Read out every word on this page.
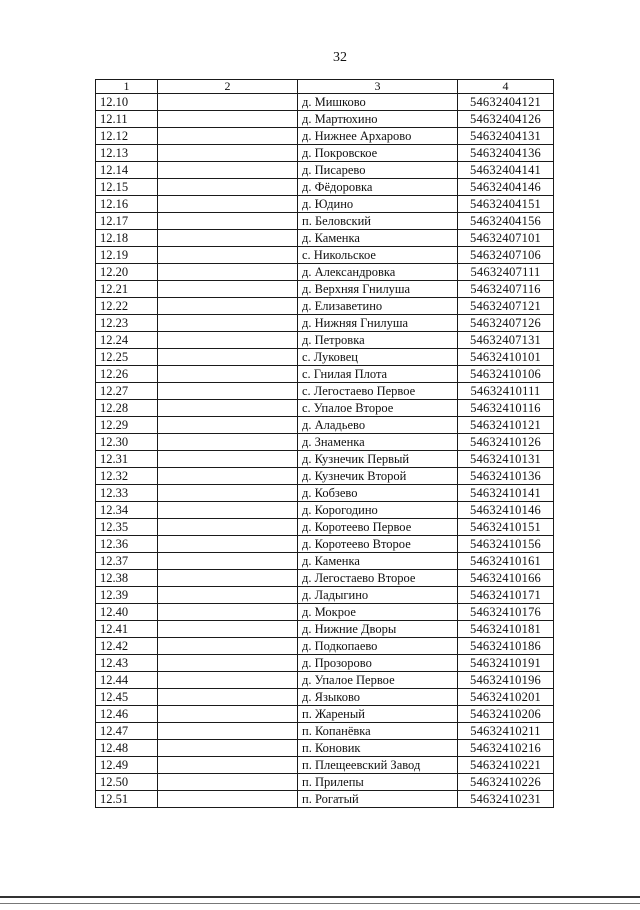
32
1	2	3	4
12.10		д. Мишково	54632404121
12.11		д. Мартюхино	54632404126
12.12		д. Нижнее Архарово	54632404131
12.13		д. Покровское	54632404136
12.14		д. Писарево	54632404141
12.15		д. Фёдоровка	54632404146
12.16		д. Юдино	54632404151
12.17		п. Беловский	54632404156
12.18		д. Каменка	54632407101
12.19		с. Никольское	54632407106
12.20		д. Александровка	54632407111
12.21		д. Верхняя Гнилуша	54632407116
12.22		д. Елизаветино	54632407121
12.23		д. Нижняя Гнилуша	54632407126
12.24		д. Петровка	54632407131
12.25		с. Луковец	54632410101
12.26		с. Гнилая Плота	54632410106
12.27		с. Легостаево Первое	54632410111
12.28		с. Упалое Второе	54632410116
12.29		д. Аладьево	54632410121
12.30		д. Знаменка	54632410126
12.31		д. Кузнечик Первый	54632410131
12.32		д. Кузнечик Второй	54632410136
12.33		д. Кобзево	54632410141
12.34		д. Корогодино	54632410146
12.35		д. Коротеево Первое	54632410151
12.36		д. Коротеево Второе	54632410156
12.37		д. Каменка	54632410161
12.38		д. Легостаево Второе	54632410166
12.39		д. Ладыгино	54632410171
12.40		д. Мокрое	54632410176
12.41		д. Нижние Дворы	54632410181
12.42		д. Подкопаево	54632410186
12.43		д. Прозорово	54632410191
12.44		д. Упалое Первое	54632410196
12.45		д. Языково	54632410201
12.46		п. Жареный	54632410206
12.47		п. Копанёвка	54632410211
12.48		п. Коновик	54632410216
12.49		п. Плещеевский Завод	54632410221
12.50		п. Прилепы	54632410226
12.51		п. Рогатый	54632410231
